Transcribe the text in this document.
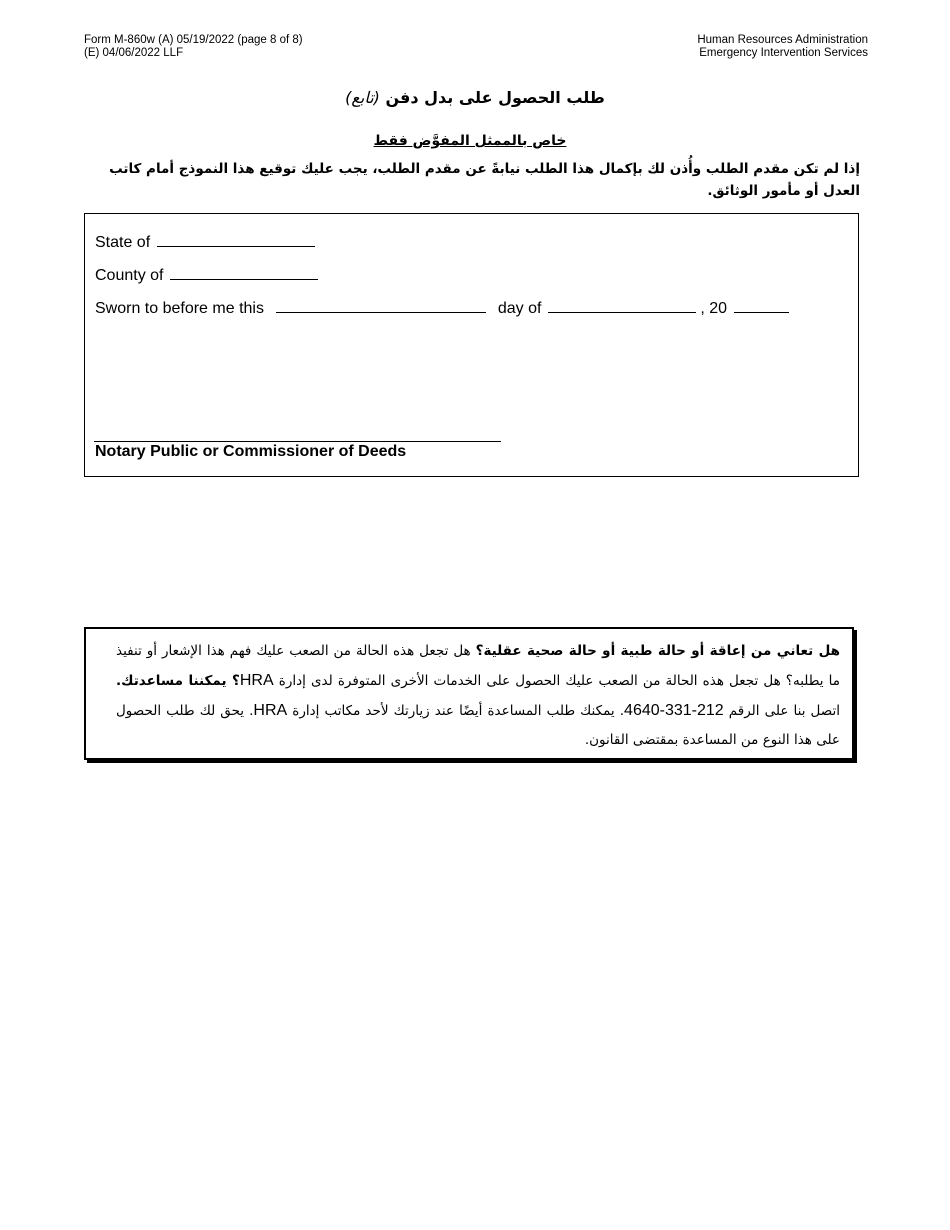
Form M-860w (A) 05/19/2022 (page 8 of 8)
(E) 04/06/2022 LLF
Human Resources Administration
Emergency Intervention Services
طلب الحصول على بدل دفن (تابع)
خاص بالممثل المفوَّض فقط
إذا لم تكن مقدم الطلب وأُذن لك بإكمال هذا الطلب نيابةً عن مقدم الطلب، يجب عليك توقيع هذا النموذج أمام كاتب العدل أو مأمور الوثائق.
State of
County of
Sworn to before me this	day of	, 20
Notary Public or Commissioner of Deeds
هل تعاني من إعاقة أو حالة طبية أو حالة صحية عقلية؟ هل تجعل هذه الحالة من الصعب عليك فهم هذا الإشعار أو تنفيذ ما يطلبه؟ هل تجعل هذه الحالة من الصعب عليك الحصول على الخدمات الأخرى المتوفرة لدى إدارة HRA؟ يمكننا مساعدتك. اتصل بنا على الرقم 212-331-4640. يمكنك طلب المساعدة أيضًا عند زيارتك لأحد مكاتب إدارة HRA. يحق لك طلب الحصول على هذا النوع من المساعدة بمقتضى القانون.
